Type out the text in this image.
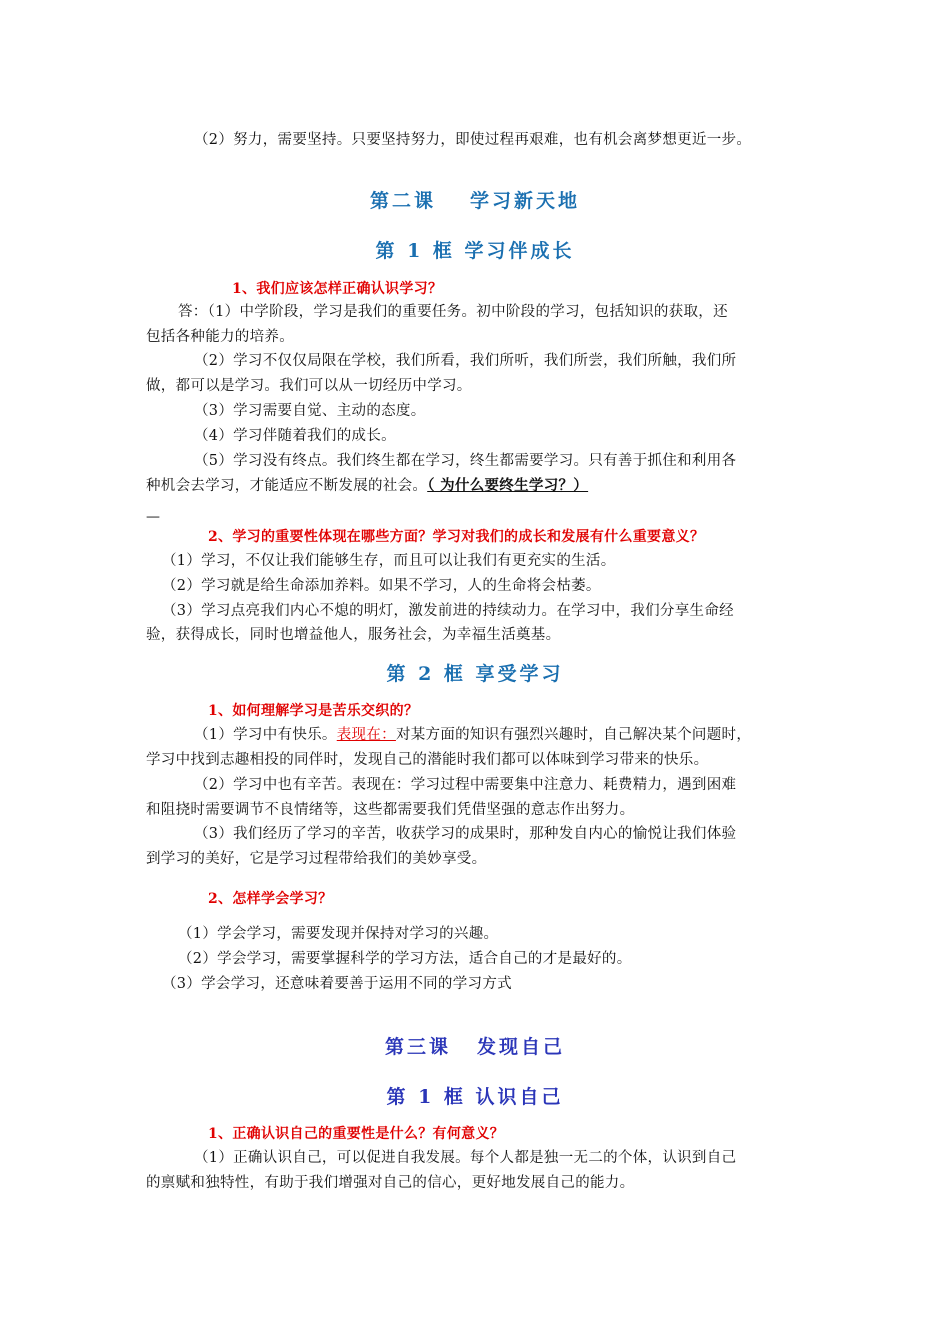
（2）努力，需要坚持。只要坚持努力，即使过程再艰难，也有机会离梦想更近一步。
第二课 学习新天地
第 1 框 学习伴成长
1、我们应该怎样正确认识学习？
答：（1）中学阶段，学习是我们的重要任务。初中阶段的学习，包括知识的获取，还
包括各种能力的培养。
（2）学习不仅仅局限在学校，我们所看，我们所听，我们所尝，我们所触，我们所
做，都可以是学习。我们可以从一切经历中学习。
（3）学习需要自觉、主动的态度。
（4）学习伴随着我们的成长。
（5）学习没有终点。我们终生都在学习，终生都需要学习。只有善于抓住和利用各
种机会去学习，才能适应不断发展的社会。（ 为什么要终生学习？）
—
2、学习的重要性体现在哪些方面？学习对我们的成长和发展有什么重要意义？
（1）学习，不仅让我们能够生存，而且可以让我们有更充实的生活。
（2）学习就是给生命添加养料。如果不学习，人的生命将会枯萎。
（3）学习点亮我们内心不熄的明灯，激发前进的持续动力。在学习中，我们分享生命经
验，获得成长，同时也增益他人，服务社会，为幸福生活奠基。
第 2 框 享受学习
1、如何理解学习是苦乐交织的？
（1）学习中有快乐。表现在：对某方面的知识有强烈兴趣时，自己解决某个问题时，
学习中找到志趣相投的同伴时，发现自己的潜能时我们都可以体味到学习带来的快乐。
（2）学习中也有辛苦。表现在：学习过程中需要集中注意力、耗费精力，遇到困难
和阻挠时需要调节不良情绪等，这些都需要我们凭借坚强的意志作出努力。
（3）我们经历了学习的辛苦，收获学习的成果时，那种发自内心的愉悦让我们体验
到学习的美好，它是学习过程带给我们的美妙享受。
2、怎样学会学习？
（1）学会学习，需要发现并保持对学习的兴趣。
（2）学会学习，需要掌握科学的学习方法，适合自己的才是最好的。
（3）学会学习，还意味着要善于运用不同的学习方式
第三课 发现自己
第 1 框 认识自己
1、正确认识自己的重要性是什么？有何意义？
（1）正确认识自己，可以促进自我发展。每个人都是独一无二的个体，认识到自己
的禀赋和独特性，有助于我们增强对自己的信心，更好地发展自己的能力。
